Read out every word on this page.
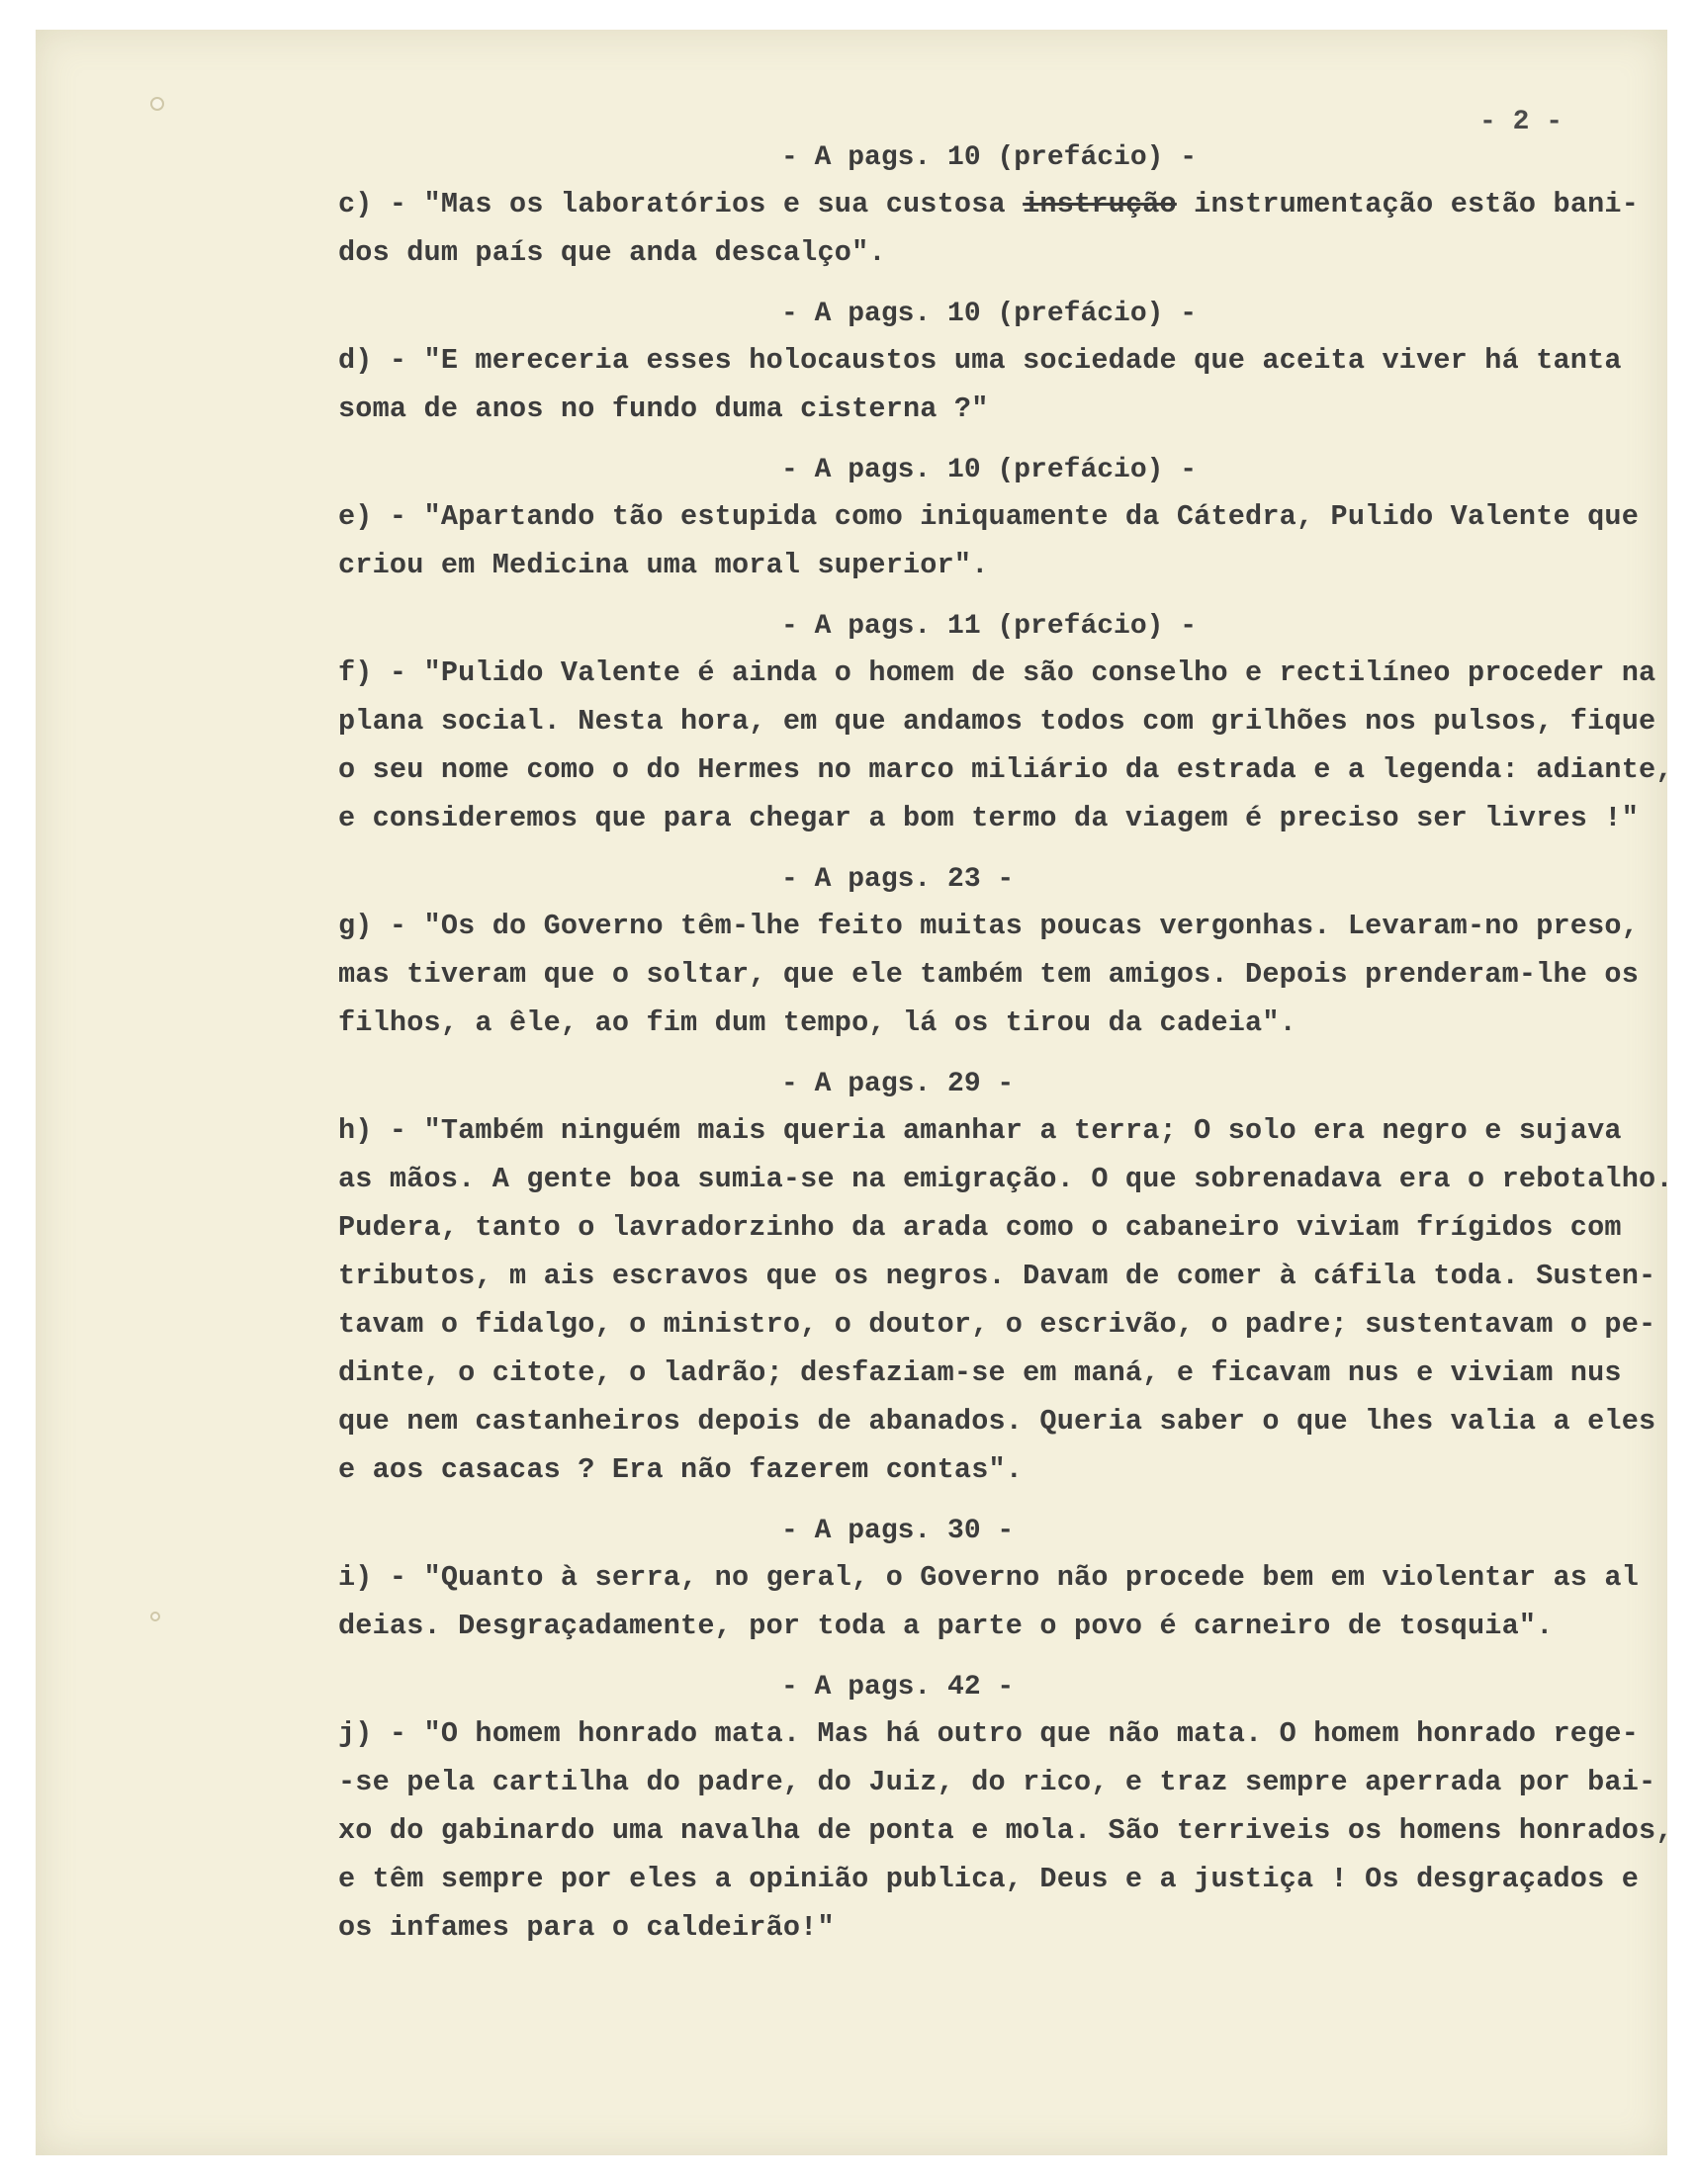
- 2 -
- A pags. 10 (prefácio) -
c) - "Mas os laboratórios e sua custosa instrução instrumentação estão bani-
dos dum país que anda descalço".
- A pags. 10 (prefácio) -
d) - "E mereceria esses holocaustos uma sociedade que aceita viver há tanta
soma de anos no fundo duma cisterna ?"
- A pags. 10 (prefácio) -
e) - "Apartando tão estupida como iniquamente da Cátedra, Pulido Valente que
criou em Medicina uma moral superior".
- A pags. 11 (prefácio) -
f) - "Pulido Valente é ainda o homem de são conselho e rectilíneo proceder na
plana social. Nesta hora, em que andamos todos com grilhões nos pulsos, fique
o seu nome como o do Hermes no marco miliário da estrada e a legenda: adiante,
e consideremos que para chegar a bom termo da viagem é preciso ser livres !"
- A pags. 23 -
g) - "Os do Governo têm-lhe feito muitas poucas vergonhas. Levaram-no preso,
mas tiveram que o soltar, que ele também tem amigos. Depois prenderam-lhe os
filhos, a êle, ao fim dum tempo, lá os tirou da cadeia".
- A pags. 29 -
h) - "Também ninguém mais queria amanhar a terra; O solo era negro e sujava
as mãos. A gente boa sumia-se na emigração. O que sobrenadava era o rebotalho.
Pudera, tanto o lavradorzinho da arada como o cabaneiro viviam frígidos com
tributos, m ais escravos que os negros. Davam de comer à cáfila toda. Susten-
tavam o fidalgo, o ministro, o doutor, o escrivão, o padre; sustentavam o pe-
dinte, o citote, o ladrão; desfaziam-se em maná, e ficavam nus e viviam nus
que nem castanheiros depois de abanados. Queria saber o que lhes valia a eles
e aos casacas ? Era não fazerem contas".
- A pags. 30 -
i) - "Quanto à serra, no geral, o Governo não procede bem em violentar as al
deias. Desgraçadamente, por toda a parte o povo é carneiro de tosquia".
- A pags. 42 -
j) - "O homem honrado mata. Mas há outro que não mata. O homem honrado rege-
-se pela cartilha do padre, do Juiz, do rico, e traz sempre aperrada por bai-
xo do gabinardo uma navalha de ponta e mola. São terriveis os homens honrados,
e têm sempre por eles a opinião publica, Deus e a justiça ! Os desgraçados e
os infames para o caldeirão!"
